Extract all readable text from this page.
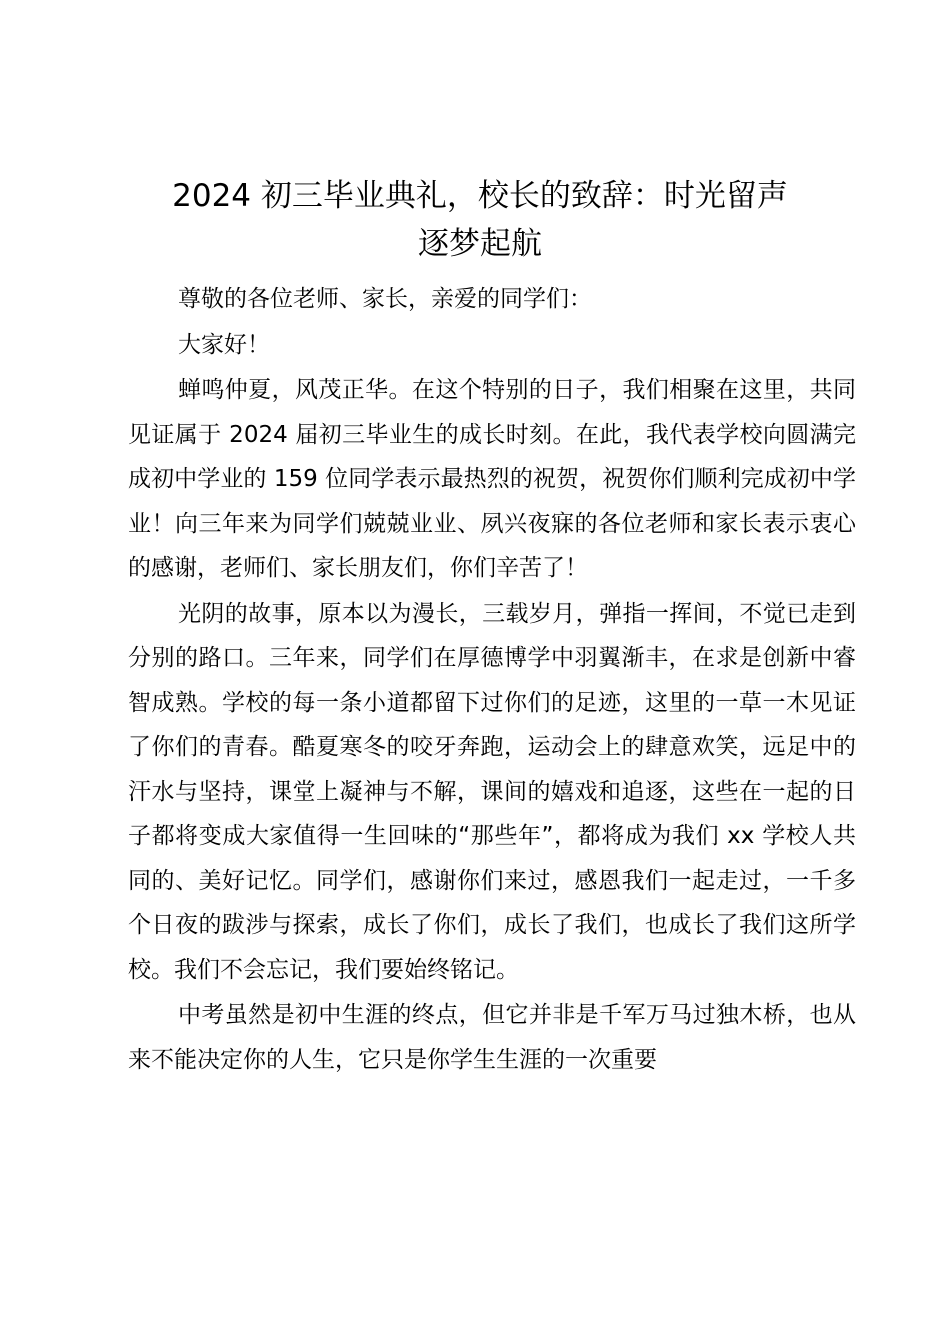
2024 初三毕业典礼，校长的致辞：时光留声
逐梦起航

尊敬的各位老师、家长，亲爱的同学们：

大家好！

蝉鸣仲夏，风茂正华。在这个特别的日子，我们相聚在这里，共同见证属于 2024 届初三毕业生的成长时刻。在此，我代表学校向圆满完成初中学业的 159 位同学表示最热烈的祝贺，祝贺你们顺利完成初中学业！向三年来为同学们兢兢业业、夙兴夜寐的各位老师和家长表示衷心的感谢，老师们、家长朋友们，你们辛苦了！

光阴的故事，原本以为漫长，三载岁月，弹指一挥间，不觉已走到分别的路口。三年来，同学们在厚德博学中羽翼渐丰，在求是创新中睿智成熟。学校的每一条小道都留下过你们的足迹，这里的一草一木见证了你们的青春。酷夏寒冬的咬牙奔跑，运动会上的肆意欢笑，远足中的汗水与坚持，课堂上凝神与不解，课间的嬉戏和追逐，这些在一起的日子都将变成大家值得一生回味的“那些年”，都将成为我们 xx 学校人共同的、美好记忆。同学们，感谢你们来过，感恩我们一起走过，一千多个日夜的跋涉与探索，成长了你们，成长了我们，也成长了我们这所学校。我们不会忘记，我们要始终铭记。

中考虽然是初中生涯的终点，但它并非是千军万马过独木桥，也从来不能决定你的人生，它只是你学生生涯的一次重要
